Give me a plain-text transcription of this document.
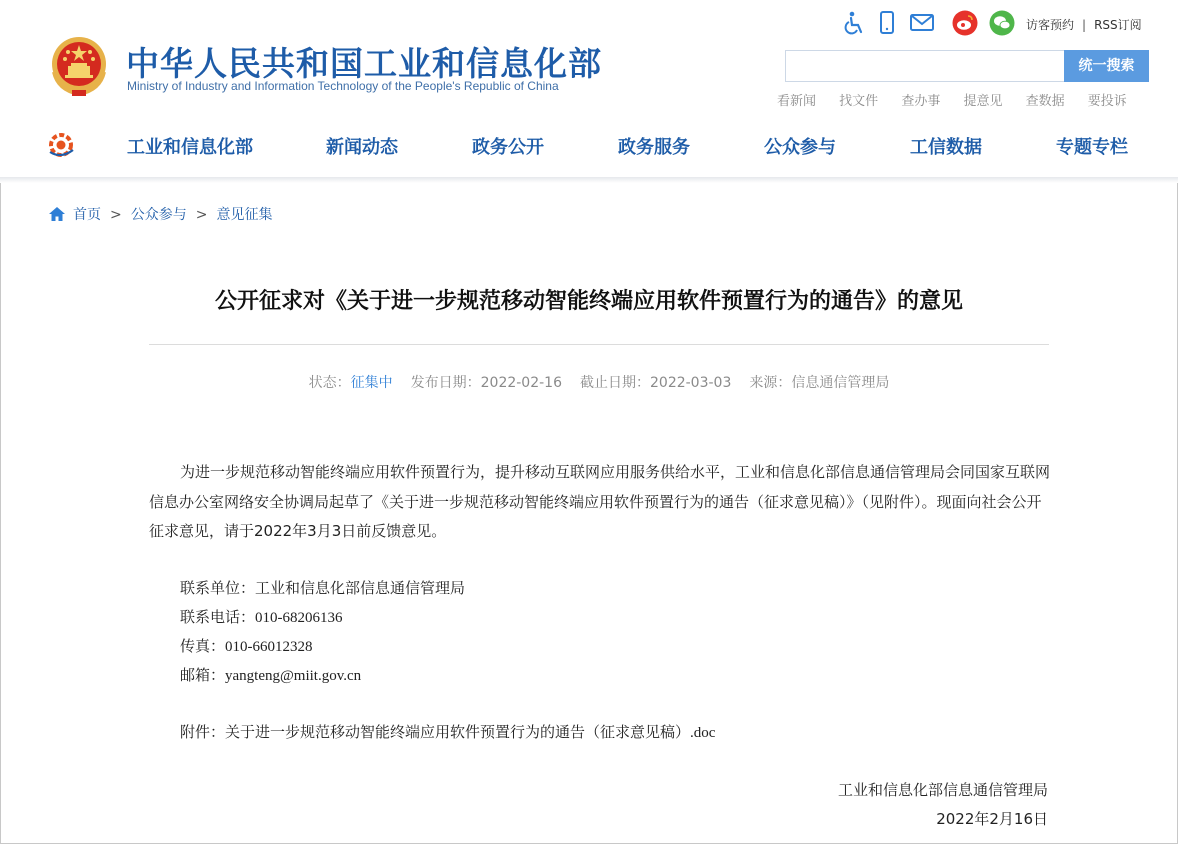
中华人民共和国工业和信息化部
Ministry of Industry and Information Technology of the People's Republic of China
访客预约 | RSS订阅
统一搜索
看新闻 找文件 查办事 提意见 查数据 要投诉
工业和信息化部	新闻动态	政务公开	政务服务	公众参与	工信数据	专题专栏
首页 > 公众参与 > 意见征集
公开征求对《关于进一步规范移动智能终端应用软件预置行为的通告》的意见
状态：征集中 发布日期：2022-02-16 截止日期：2022-03-03 来源：信息通信管理局
为进一步规范移动智能终端应用软件预置行为，提升移动互联网应用服务供给水平，工业和信息化部信息通信管理局会同国家互联网信息办公室网络安全协调局起草了《关于进一步规范移动智能终端应用软件预置行为的通告（征求意见稿）》（见附件）。现面向社会公开征求意见，请于2022年3月3日前反馈意见。
联系单位：工业和信息化部信息通信管理局
联系电话：010-68206136
传真：010-66012328
邮箱：yangteng@miit.gov.cn
附件：关于进一步规范移动智能终端应用软件预置行为的通告（征求意见稿）.doc
工业和信息化部信息通信管理局
2022年2月16日
